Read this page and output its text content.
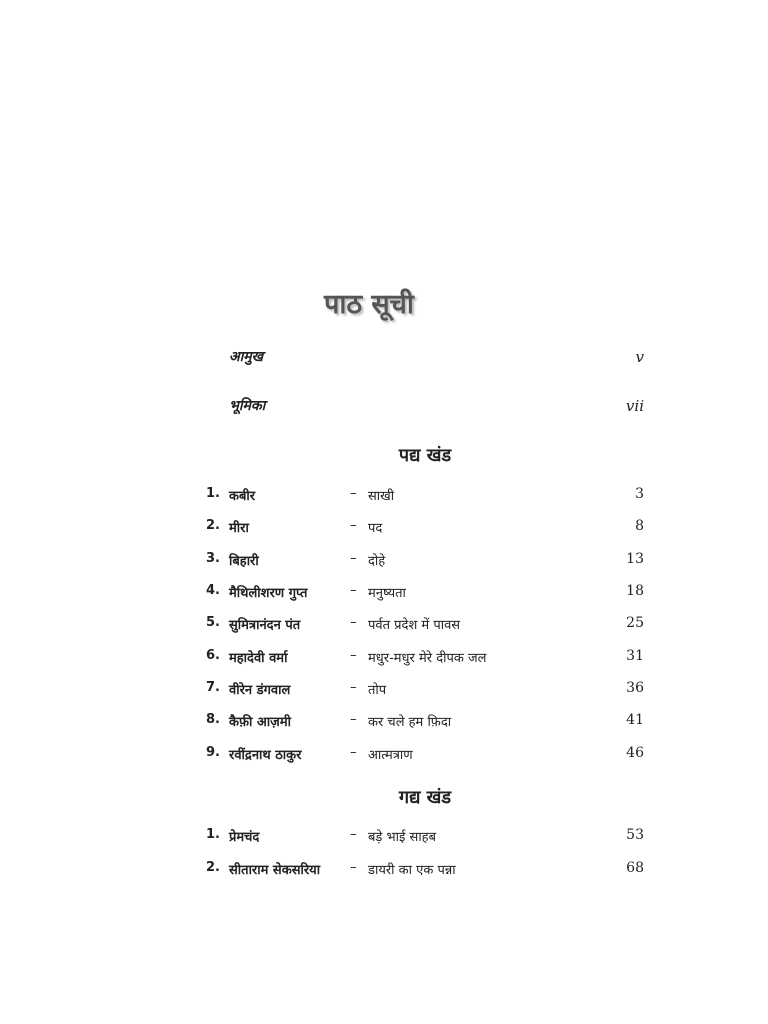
पाठ सूची
आमुख	v
भूमिका	vii
पद्य खंड
1. कबीर	– साखी	3
2. मीरा	– पद	8
3. बिहारी	– दोहे	13
4. मैथिलीशरण गुप्त	– मनुष्यता	18
5. सुमित्रानंदन पंत	– पर्वत प्रदेश में पावस	25
6. महादेवी वर्मा	– मधुर-मधुर मेरे दीपक जल	31
7. वीरेन डंगवाल	– तोप	36
8. कैफ़ी आज़मी	– कर चले हम फ़िदा	41
9. रवींद्रनाथ ठाकुर	– आत्मत्राण	46
गद्य खंड
1. प्रेमचंद	– बड़े भाई साहब	53
2. सीताराम सेकसरिया – डायरी का एक पन्ना	68
